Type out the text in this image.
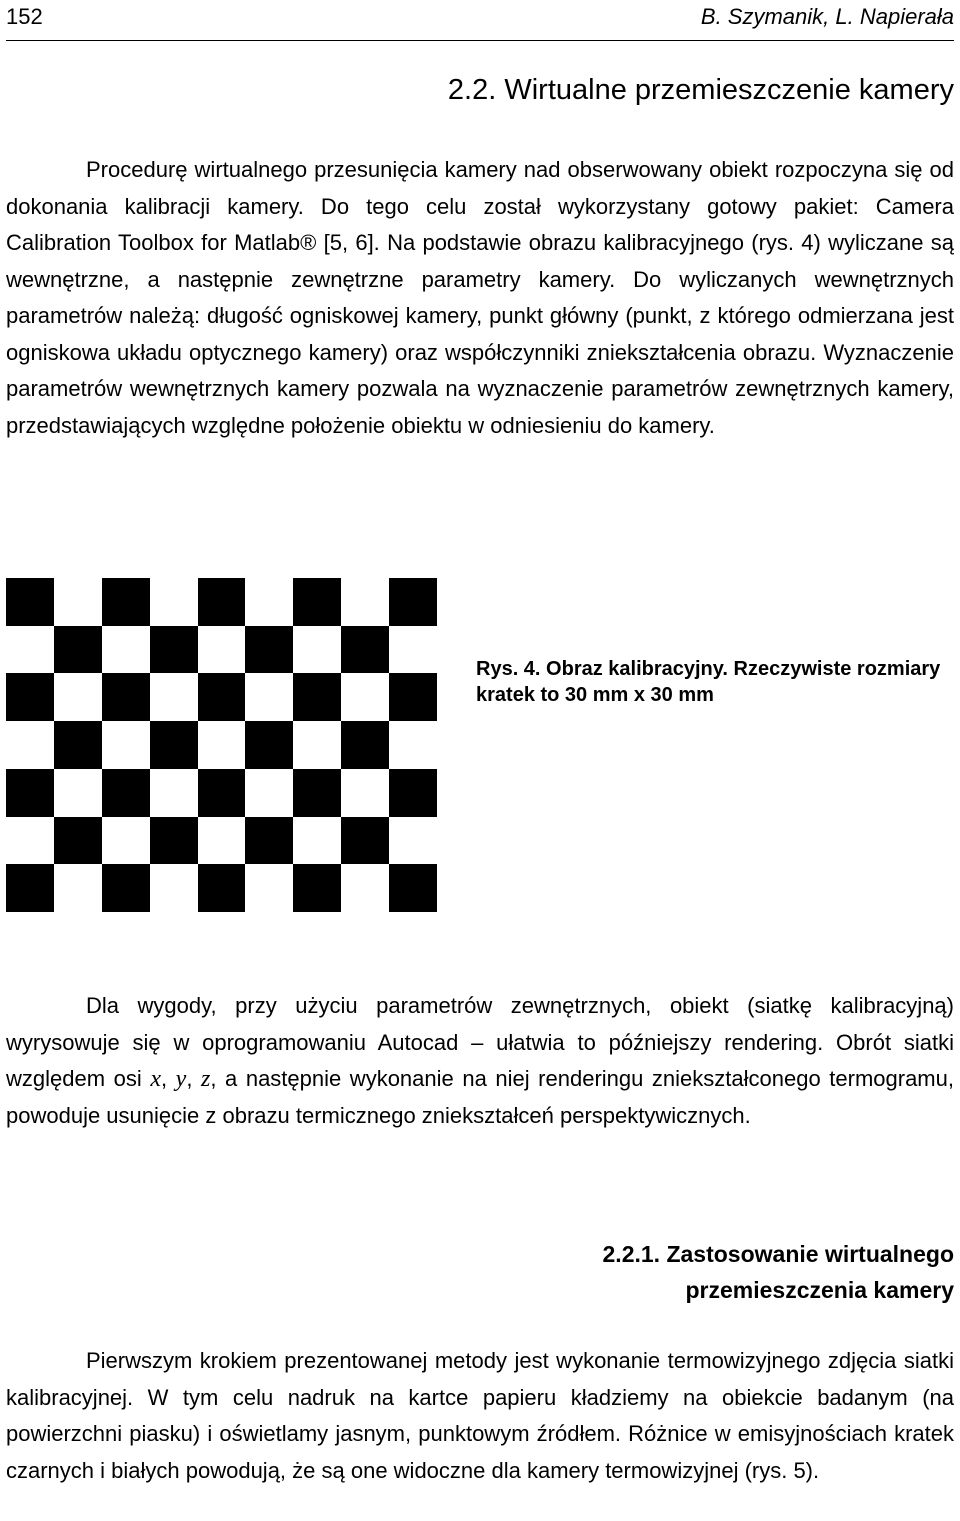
152	B. Szymanik, L. Napierała
2.2. Wirtualne przemieszczenie kamery

Procedurę wirtualnego przesunięcia kamery nad obserwowany obiekt rozpoczyna się od dokonania kalibracji kamery. Do tego celu został wykorzystany gotowy pakiet: Camera Calibration Toolbox for Matlab® [5, 6]. Na podstawie obrazu kalibracyjnego (rys. 4) wyliczane są wewnętrzne, a następnie zewnętrzne parametry kamery. Do wyliczanych wewnętrznych parametrów należą: długość ogniskowej kamery, punkt główny (punkt, z którego odmierzana jest ogniskowa układu optycznego kamery) oraz współczynniki zniekształcenia obrazu. Wyznaczenie parametrów wewnętrznych kamery pozwala na wyznaczenie parametrów zewnętrznych kamery, przedstawiających względne położenie obiektu w odniesieniu do kamery.

Rys. 4. Obraz kalibracyjny. Rzeczywiste rozmiary kratek to 30 mm x 30 mm

Dla wygody, przy użyciu parametrów zewnętrznych, obiekt (siatkę kalibracyjną) wyrysowuje się w oprogramowaniu Autocad – ułatwia to późniejszy rendering. Obrót siatki względem osi x, y, z, a następnie wykonanie na niej renderingu zniekształconego termogramu, powoduje usunięcie z obrazu termicznego zniekształceń perspektywicznych.

2.2.1. Zastosowanie wirtualnego
przemieszczenia kamery

Pierwszym krokiem prezentowanej metody jest wykonanie termowizyjnego zdjęcia siatki kalibracyjnej. W tym celu nadruk na kartce papieru kładziemy na obiekcie badanym (na powierzchni piasku) i oświetlamy jasnym, punktowym źródłem. Różnice w emisyjnościach kratek czarnych i białych powodują, że są one widoczne dla kamery termowizyjnej (rys. 5).
